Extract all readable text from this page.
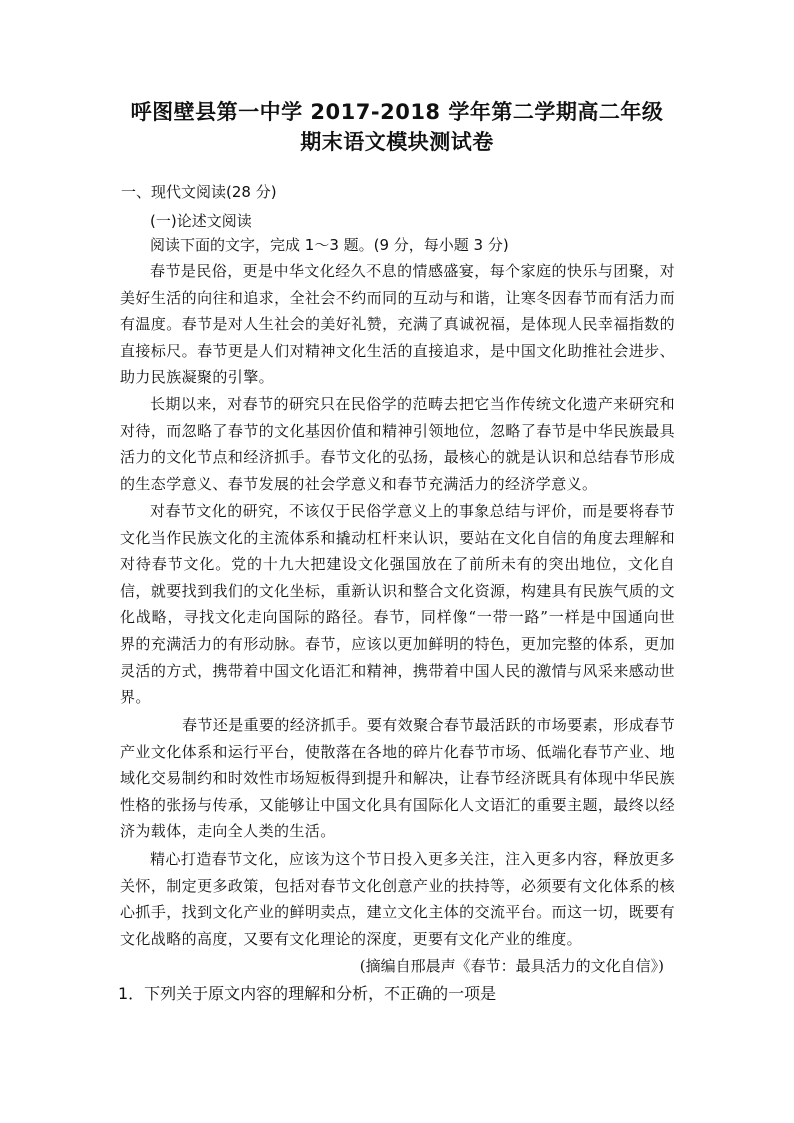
呼图壁县第一中学 2017-2018 学年第二学期高二年级
期末语文模块测试卷
一、现代文阅读(28 分)
(一)论述文阅读
阅读下面的文字，完成 1～3 题。(9 分，每小题 3 分)
春节是民俗，更是中华文化经久不息的情感盛宴，每个家庭的快乐与团聚，对美好生活的向往和追求，全社会不约而同的互动与和谐，让寒冬因春节而有活力而有温度。春节是对人生社会的美好礼赞，充满了真诚祝福，是体现人民幸福指数的直接标尺。春节更是人们对精神文化生活的直接追求，是中国文化助推社会进步、助力民族凝聚的引擎。
长期以来，对春节的研究只在民俗学的范畴去把它当作传统文化遗产来研究和对待，而忽略了春节的文化基因价值和精神引领地位，忽略了春节是中华民族最具活力的文化节点和经济抓手。春节文化的弘扬，最核心的就是认识和总结春节形成的生态学意义、春节发展的社会学意义和春节充满活力的经济学意义。
对春节文化的研究，不该仅于民俗学意义上的事象总结与评价，而是要将春节文化当作民族文化的主流体系和撬动杠杆来认识，要站在文化自信的角度去理解和对待春节文化。党的十九大把建设文化强国放在了前所未有的突出地位，文化自信，就要找到我们的文化坐标，重新认识和整合文化资源，构建具有民族气质的文化战略，寻找文化走向国际的路径。春节，同样像“一带一路”一样是中国通向世界的充满活力的有形动脉。春节，应该以更加鲜明的特色，更加完整的体系，更加灵活的方式，携带着中国文化语汇和精神，携带着中国人民的激情与风采来感动世界。
春节还是重要的经济抓手。要有效聚合春节最活跃的市场要素，形成春节产业文化体系和运行平台，使散落在各地的碎片化春节市场、低端化春节产业、地域化交易制约和时效性市场短板得到提升和解决，让春节经济既具有体现中华民族性格的张扬与传承，又能够让中国文化具有国际化人文语汇的重要主题，最终以经济为载体，走向全人类的生活。
精心打造春节文化，应该为这个节日投入更多关注，注入更多内容，释放更多关怀，制定更多政策，包括对春节文化创意产业的扶持等，必须要有文化体系的核心抓手，找到文化产业的鲜明卖点，建立文化主体的交流平台。而这一切，既要有文化战略的高度，又要有文化理论的深度，更要有文化产业的维度。
(摘编自邢晨声《春节：最具活力的文化自信》)
1．下列关于原文内容的理解和分析，不正确的一项是
